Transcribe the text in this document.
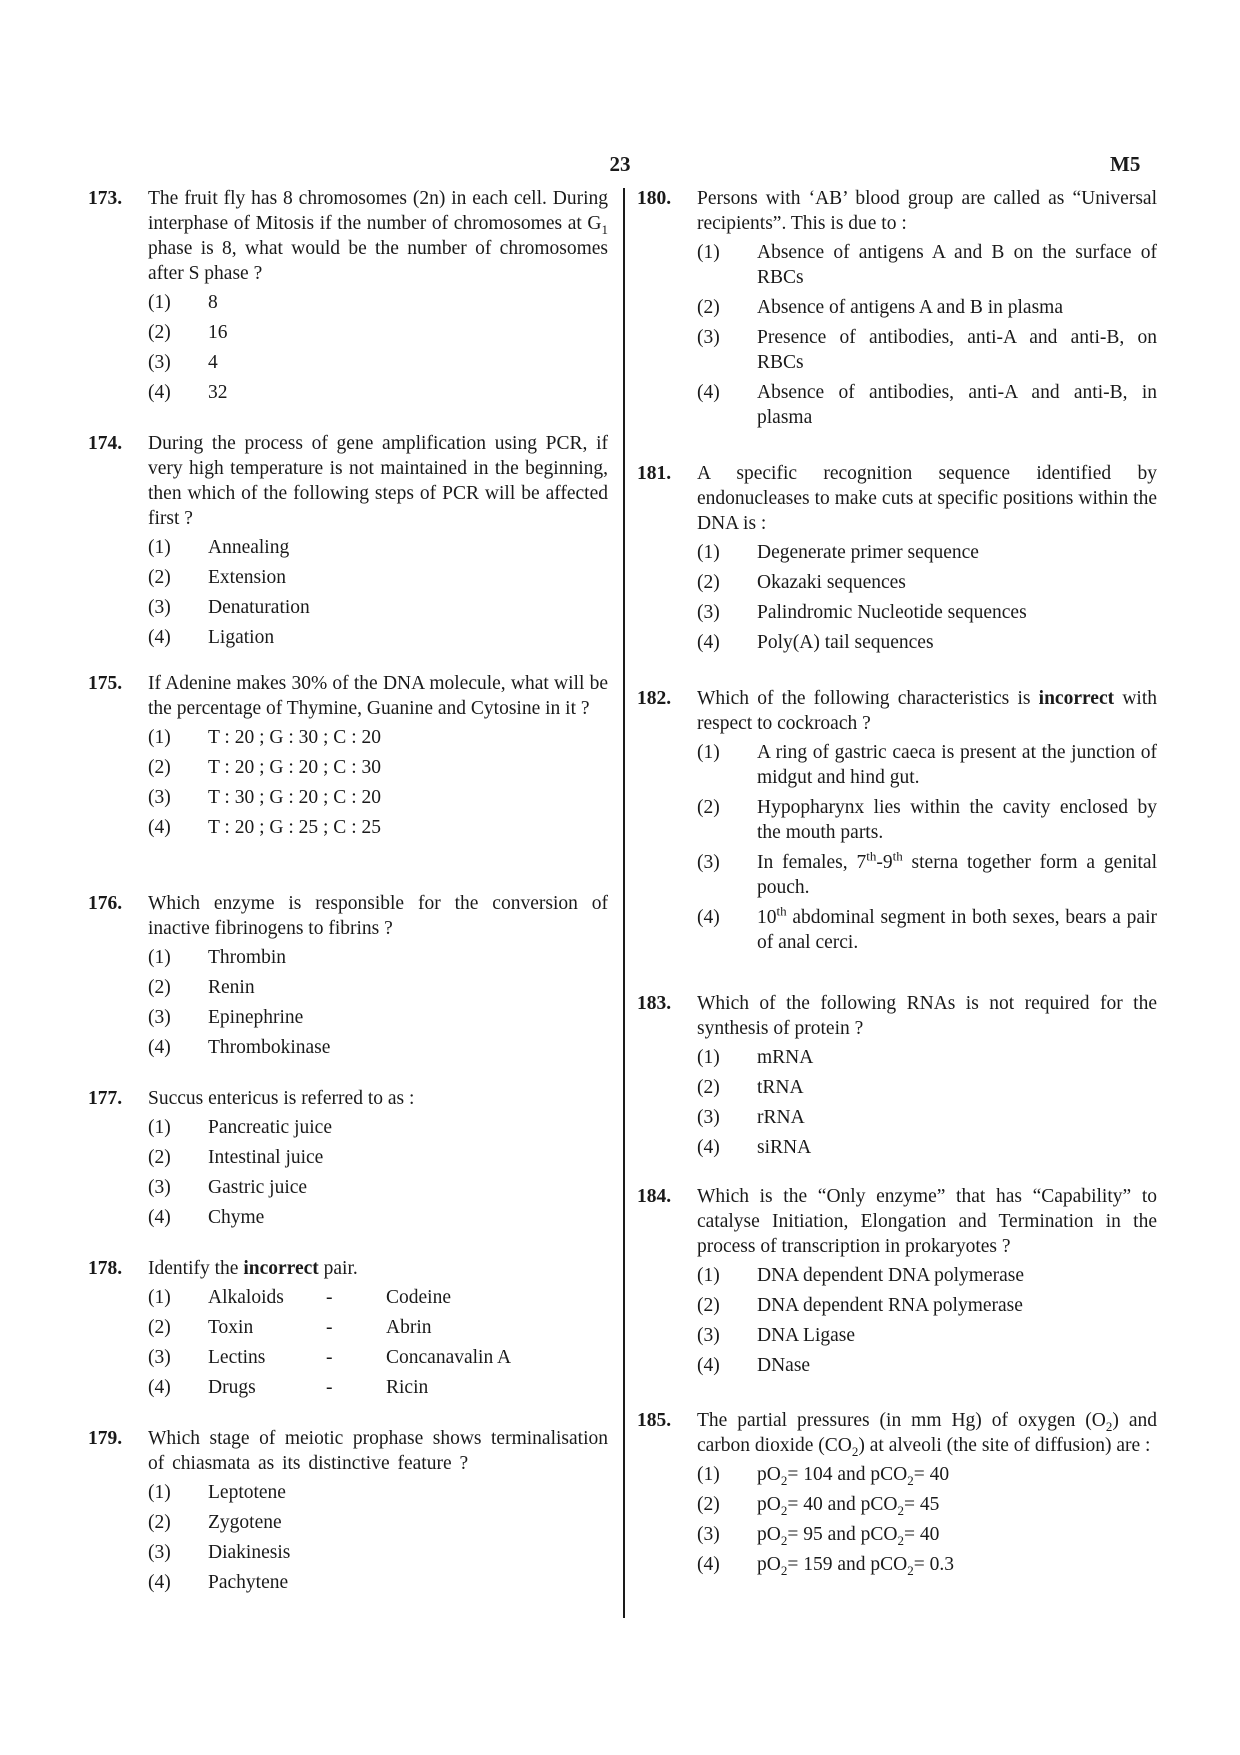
23	M5
173. The fruit fly has 8 chromosomes (2n) in each cell. During interphase of Mitosis if the number of chromosomes at $G_1$ phase is 8, what would be the number of chromosomes after S phase ?
(1) 8
(2) 16
(3) 4
(4) 32
174. During the process of gene amplification using PCR, if very high temperature is not maintained in the beginning, then which of the following steps of PCR will be affected first ?
(1) Annealing
(2) Extension
(3) Denaturation
(4) Ligation
175. If Adenine makes 30% of the DNA molecule, what will be the percentage of Thymine, Guanine and Cytosine in it ?
(1) T : 20 ; G : 30 ; C : 20
(2) T : 20 ; G : 20 ; C : 30
(3) T : 30 ; G : 20 ; C : 20
(4) T : 20 ; G : 25 ; C : 25
176. Which enzyme is responsible for the conversion of inactive fibrinogens to fibrins ?
(1) Thrombin
(2) Renin
(3) Epinephrine
(4) Thrombokinase
177. Succus entericus is referred to as :
(1) Pancreatic juice
(2) Intestinal juice
(3) Gastric juice
(4) Chyme
178. Identify the incorrect pair.
(1) Alkaloids -	Codeine
(2) Toxin	-	Abrin
(3) Lectins	-	Concanavalin A
(4) Drugs	-	Ricin
179. Which stage of meiotic prophase shows terminalisation of chiasmata as its distinctive feature ?
(1) Leptotene
(2) Zygotene
(3) Diakinesis
(4) Pachytene
180. Persons with ‘AB’ blood group are called as “Universal recipients”. This is due to :
(1) Absence of antigens A and B on the surface of RBCs
(2) Absence of antigens A and B in plasma
(3) Presence of antibodies, anti-A and anti-B, on RBCs
(4) Absence of antibodies, anti-A and anti-B, in plasma
181. A specific recognition sequence identified by endonucleases to make cuts at specific positions within the DNA is :
(1) Degenerate primer sequence
(2) Okazaki sequences
(3) Palindromic Nucleotide sequences
(4) Poly(A) tail sequences
182. Which of the following characteristics is incorrect with respect to cockroach ?
(1) A ring of gastric caeca is present at the junction of midgut and hind gut.
(2) Hypopharynx lies within the cavity enclosed by the mouth parts.
(3) In females, 7th-9th sterna together form a genital pouch.
(4) 10th abdominal segment in both sexes, bears a pair of anal cerci.
183. Which of the following RNAs is not required for the synthesis of protein ?
(1) mRNA
(2) tRNA
(3) rRNA
(4) siRNA
184. Which is the “Only enzyme” that has “Capability” to catalyse Initiation, Elongation and Termination in the process of transcription in prokaryotes ?
(1) DNA dependent DNA polymerase
(2) DNA dependent RNA polymerase
(3) DNA Ligase
(4) DNase
185. The partial pressures (in mm Hg) of oxygen $(O_2)$ and carbon dioxide $(CO_2)$ at alveoli (the site of diffusion) are :
(1) $pO_2= 104$ and pCO$_2$= 40
(2) $pO_2= 40$ and pCO$_2$= 45
(3) $pO_2= 95$ and pCO$_2$= 40
(4) $pO_2= 159$ and pCO$_2$= 0.3
